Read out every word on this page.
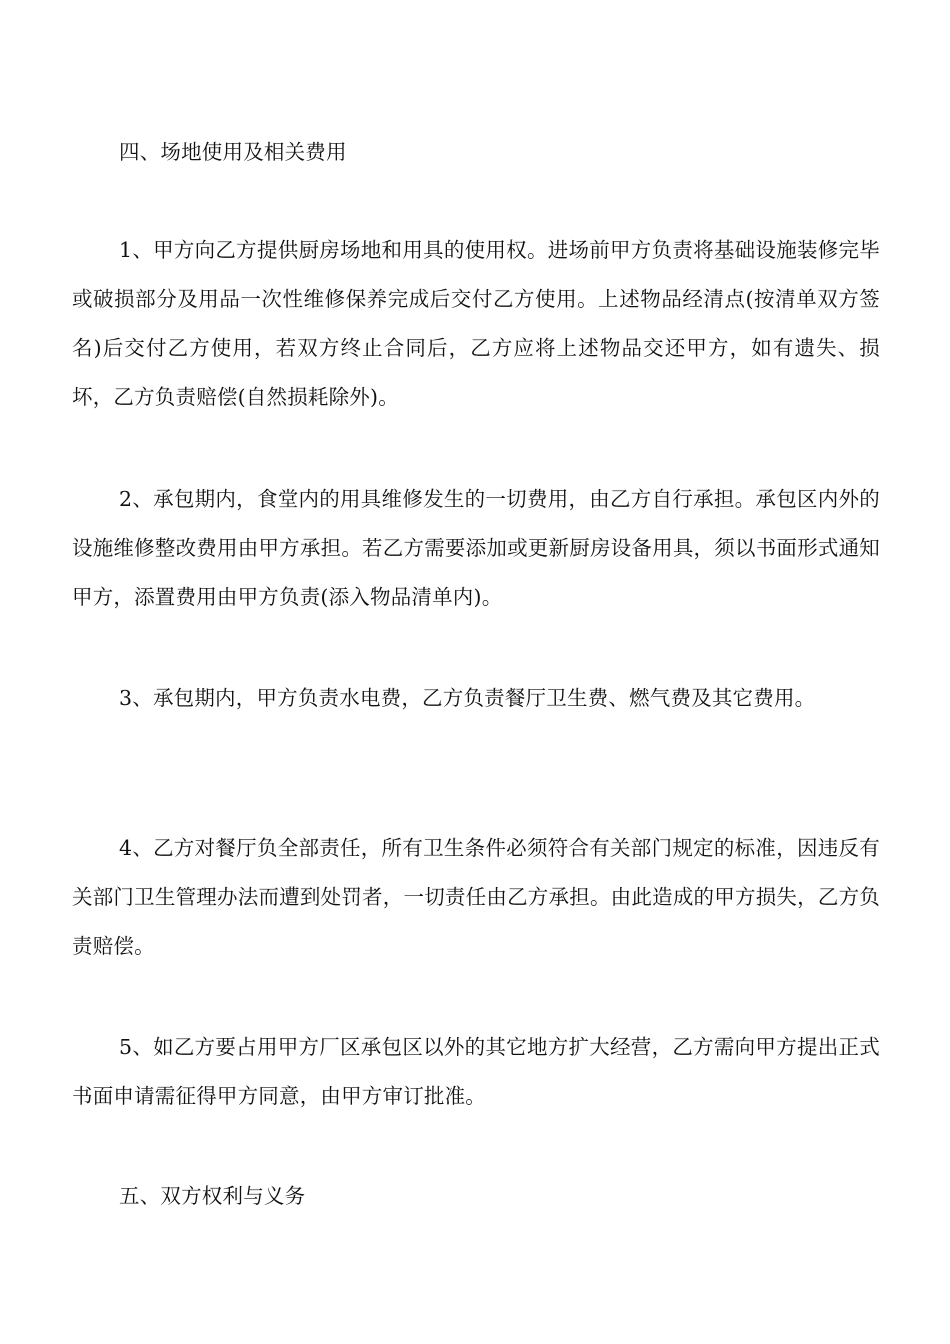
四、场地使用及相关费用

1、甲方向乙方提供厨房场地和用具的使用权。进场前甲方负责将基础设施装修完毕或破损部分及用品一次性维修保养完成后交付乙方使用。上述物品经清点(按清单双方签名)后交付乙方使用，若双方终止合同后，乙方应将上述物品交还甲方，如有遗失、损坏，乙方负责赔偿(自然损耗除外)。

2、承包期内，食堂内的用具维修发生的一切费用，由乙方自行承担。承包区内外的设施维修整改费用由甲方承担。若乙方需要添加或更新厨房设备用具，须以书面形式通知甲方，添置费用由甲方负责(添入物品清单内)。

3、承包期内，甲方负责水电费，乙方负责餐厅卫生费、燃气费及其它费用。

4、乙方对餐厅负全部责任，所有卫生条件必须符合有关部门规定的标准，因违反有关部门卫生管理办法而遭到处罚者，一切责任由乙方承担。由此造成的甲方损失，乙方负责赔偿。

5、如乙方要占用甲方厂区承包区以外的其它地方扩大经营，乙方需向甲方提出正式书面申请需征得甲方同意，由甲方审订批准。

五、双方权利与义务
